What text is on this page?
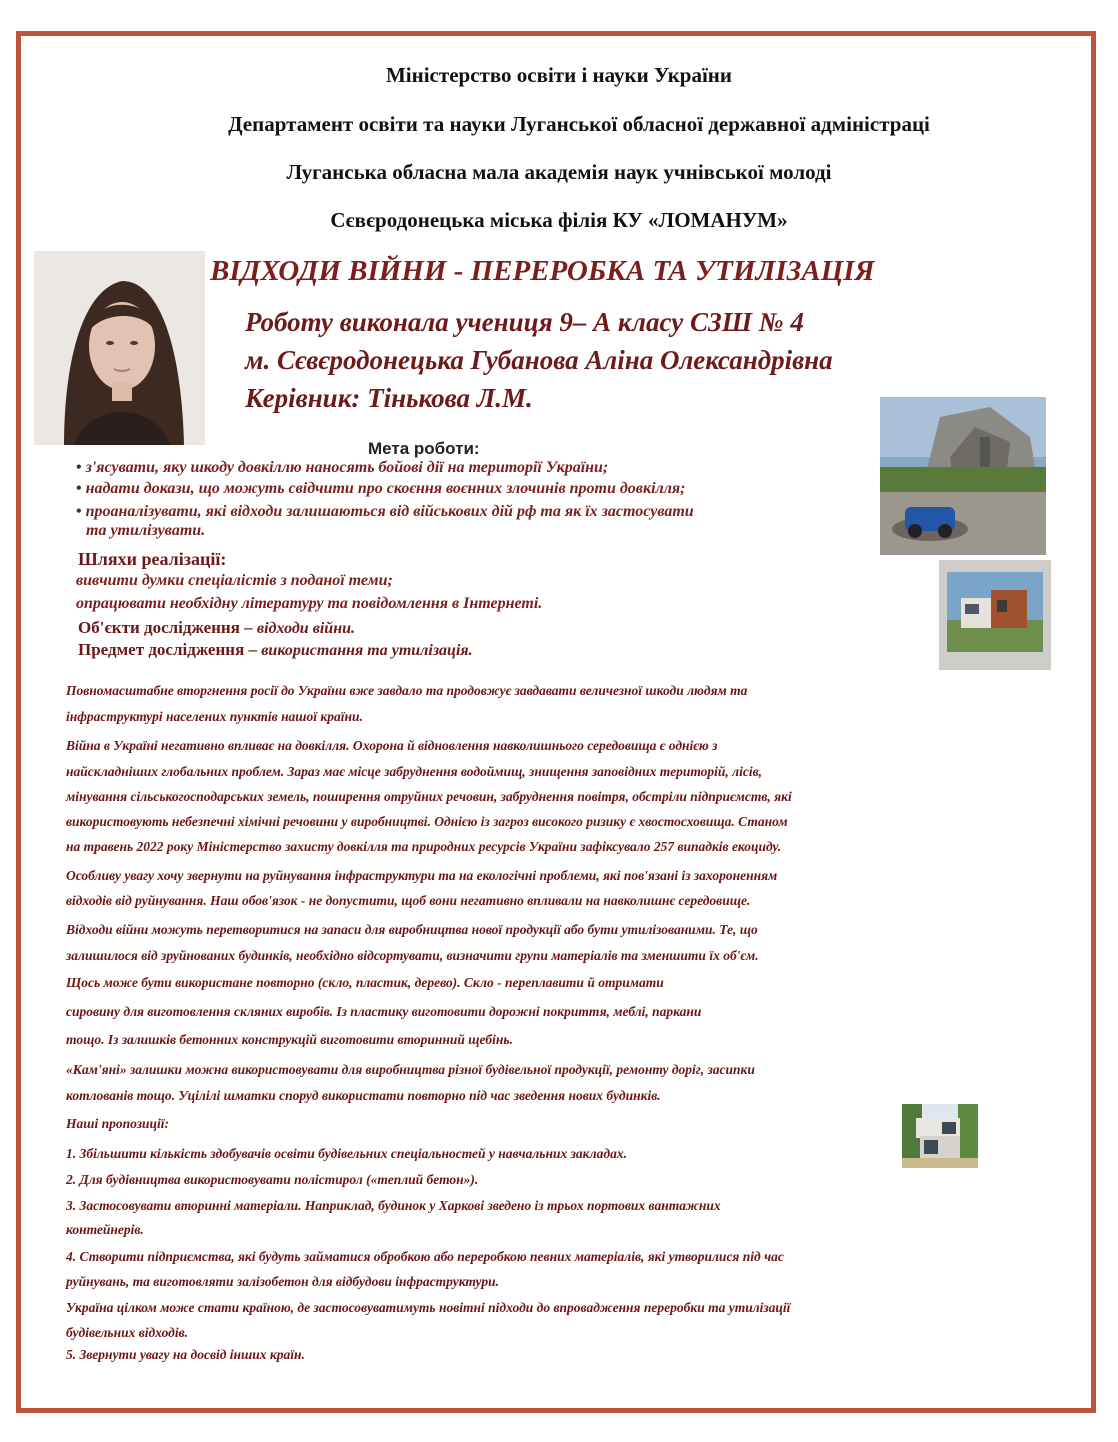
Міністерство освіти і науки України
Департамент освіти та науки Луганської обласної державної адміністраці
Луганська обласна мала академія наук учнівської молоді
Сєвєродонецька міська філія КУ «ЛОМАНУМ»
ВІДХОДИ ВІЙНИ - ПЕРЕРОБКА ТА УТИЛІЗАЦІЯ
Роботу виконала учениця 9– А класу СЗШ № 4
м. Сєвєродонецька Губанова Аліна Олександрівна
Керівник: Тінькова Л.М.
Мета роботи:
• з'ясувати, яку шкоду довкіллю наносять бойові дії на території України;
• надати докази, що можуть свідчити про скоєння воєнних злочинів проти довкілля;
• проаналізувати, які відходи залишаються від військових дій рф та як їх застосувати
та утилізувати.
Шляхи реалізації:
вивчити думки спеціалістів з поданої теми;
опрацювати необхідну літературу та повідомлення в Інтернеті.
Об'єкти дослідження – відходи війни.
Предмет дослідження – використання та утилізація.
Повномасштабне вторгнення росії до України вже завдало та продовжує завдавати величезної шкоди людям та
інфраструктурі населених пунктів нашої країни.
Війна в Україні негативно впливає на довкілля. Охорона й відновлення навколишнього середовища є однією з
найскладніших глобальних проблем. Зараз має місце забруднення водоймищ, знищення заповідних територій, лісів,
мінування сільськогосподарських земель, поширення отруйних речовин, забруднення повітря, обстріли підприємств, які
використовують небезпечні хімічні речовини у виробництві. Однією із загроз високого ризику є хвостосховища. Станом
на травень 2022 року Міністерство захисту довкілля та природних ресурсів України зафіксувало 257 випадків екоциду.
Особливу увагу хочу звернути на руйнування інфраструктури та на екологічні проблеми, які пов'язані із захороненням
відходів від руйнування. Наш обов'язок - не допустити, щоб вони негативно впливали на навколишнє середовище.
Відходи війни можуть перетворитися на запаси для виробництва нової продукції або бути утилізованими. Те, що
залишилося від зруйнованих будинків, необхідно відсортувати, визначити групи матеріалів та зменшити їх об'єм.
Щось може бути використане повторно (скло, пластик, дерево). Скло - переплавити й отримати
сировину для виготовлення скляних виробів. Із пластику виготовити дорожні покриття, меблі, паркани
тощо. Із залишків бетонних конструкцій виготовити вторинний щебінь.
«Кам'яні» залишки можна використовувати для виробництва різної будівельної продукції, ремонту доріг, засипки
котлованів тощо. Уцілілі шматки споруд використати повторно під час зведення нових будинків.
Наші пропозиції:
1. Збільшити кількість здобувачів освіти будівельних спеціальностей у навчальних закладах.
2. Для будівництва використовувати полістирол («теплий бетон»).
3. Застосовувати вторинні матеріали. Наприклад, будинок у Харкові зведено із трьох портових вантажних
контейнерів.
4. Створити підприємства, які будуть займатися обробкою або переробкою певних матеріалів, які утворилися під час
руйнувань, та виготовляти залізобетон для відбудови інфраструктури.
Україна цілком може стати країною, де застосовуватимуть новітні підходи до впровадження переробки та утилізації
будівельних відходів.
5. Звернути увагу на досвід інших країн.
